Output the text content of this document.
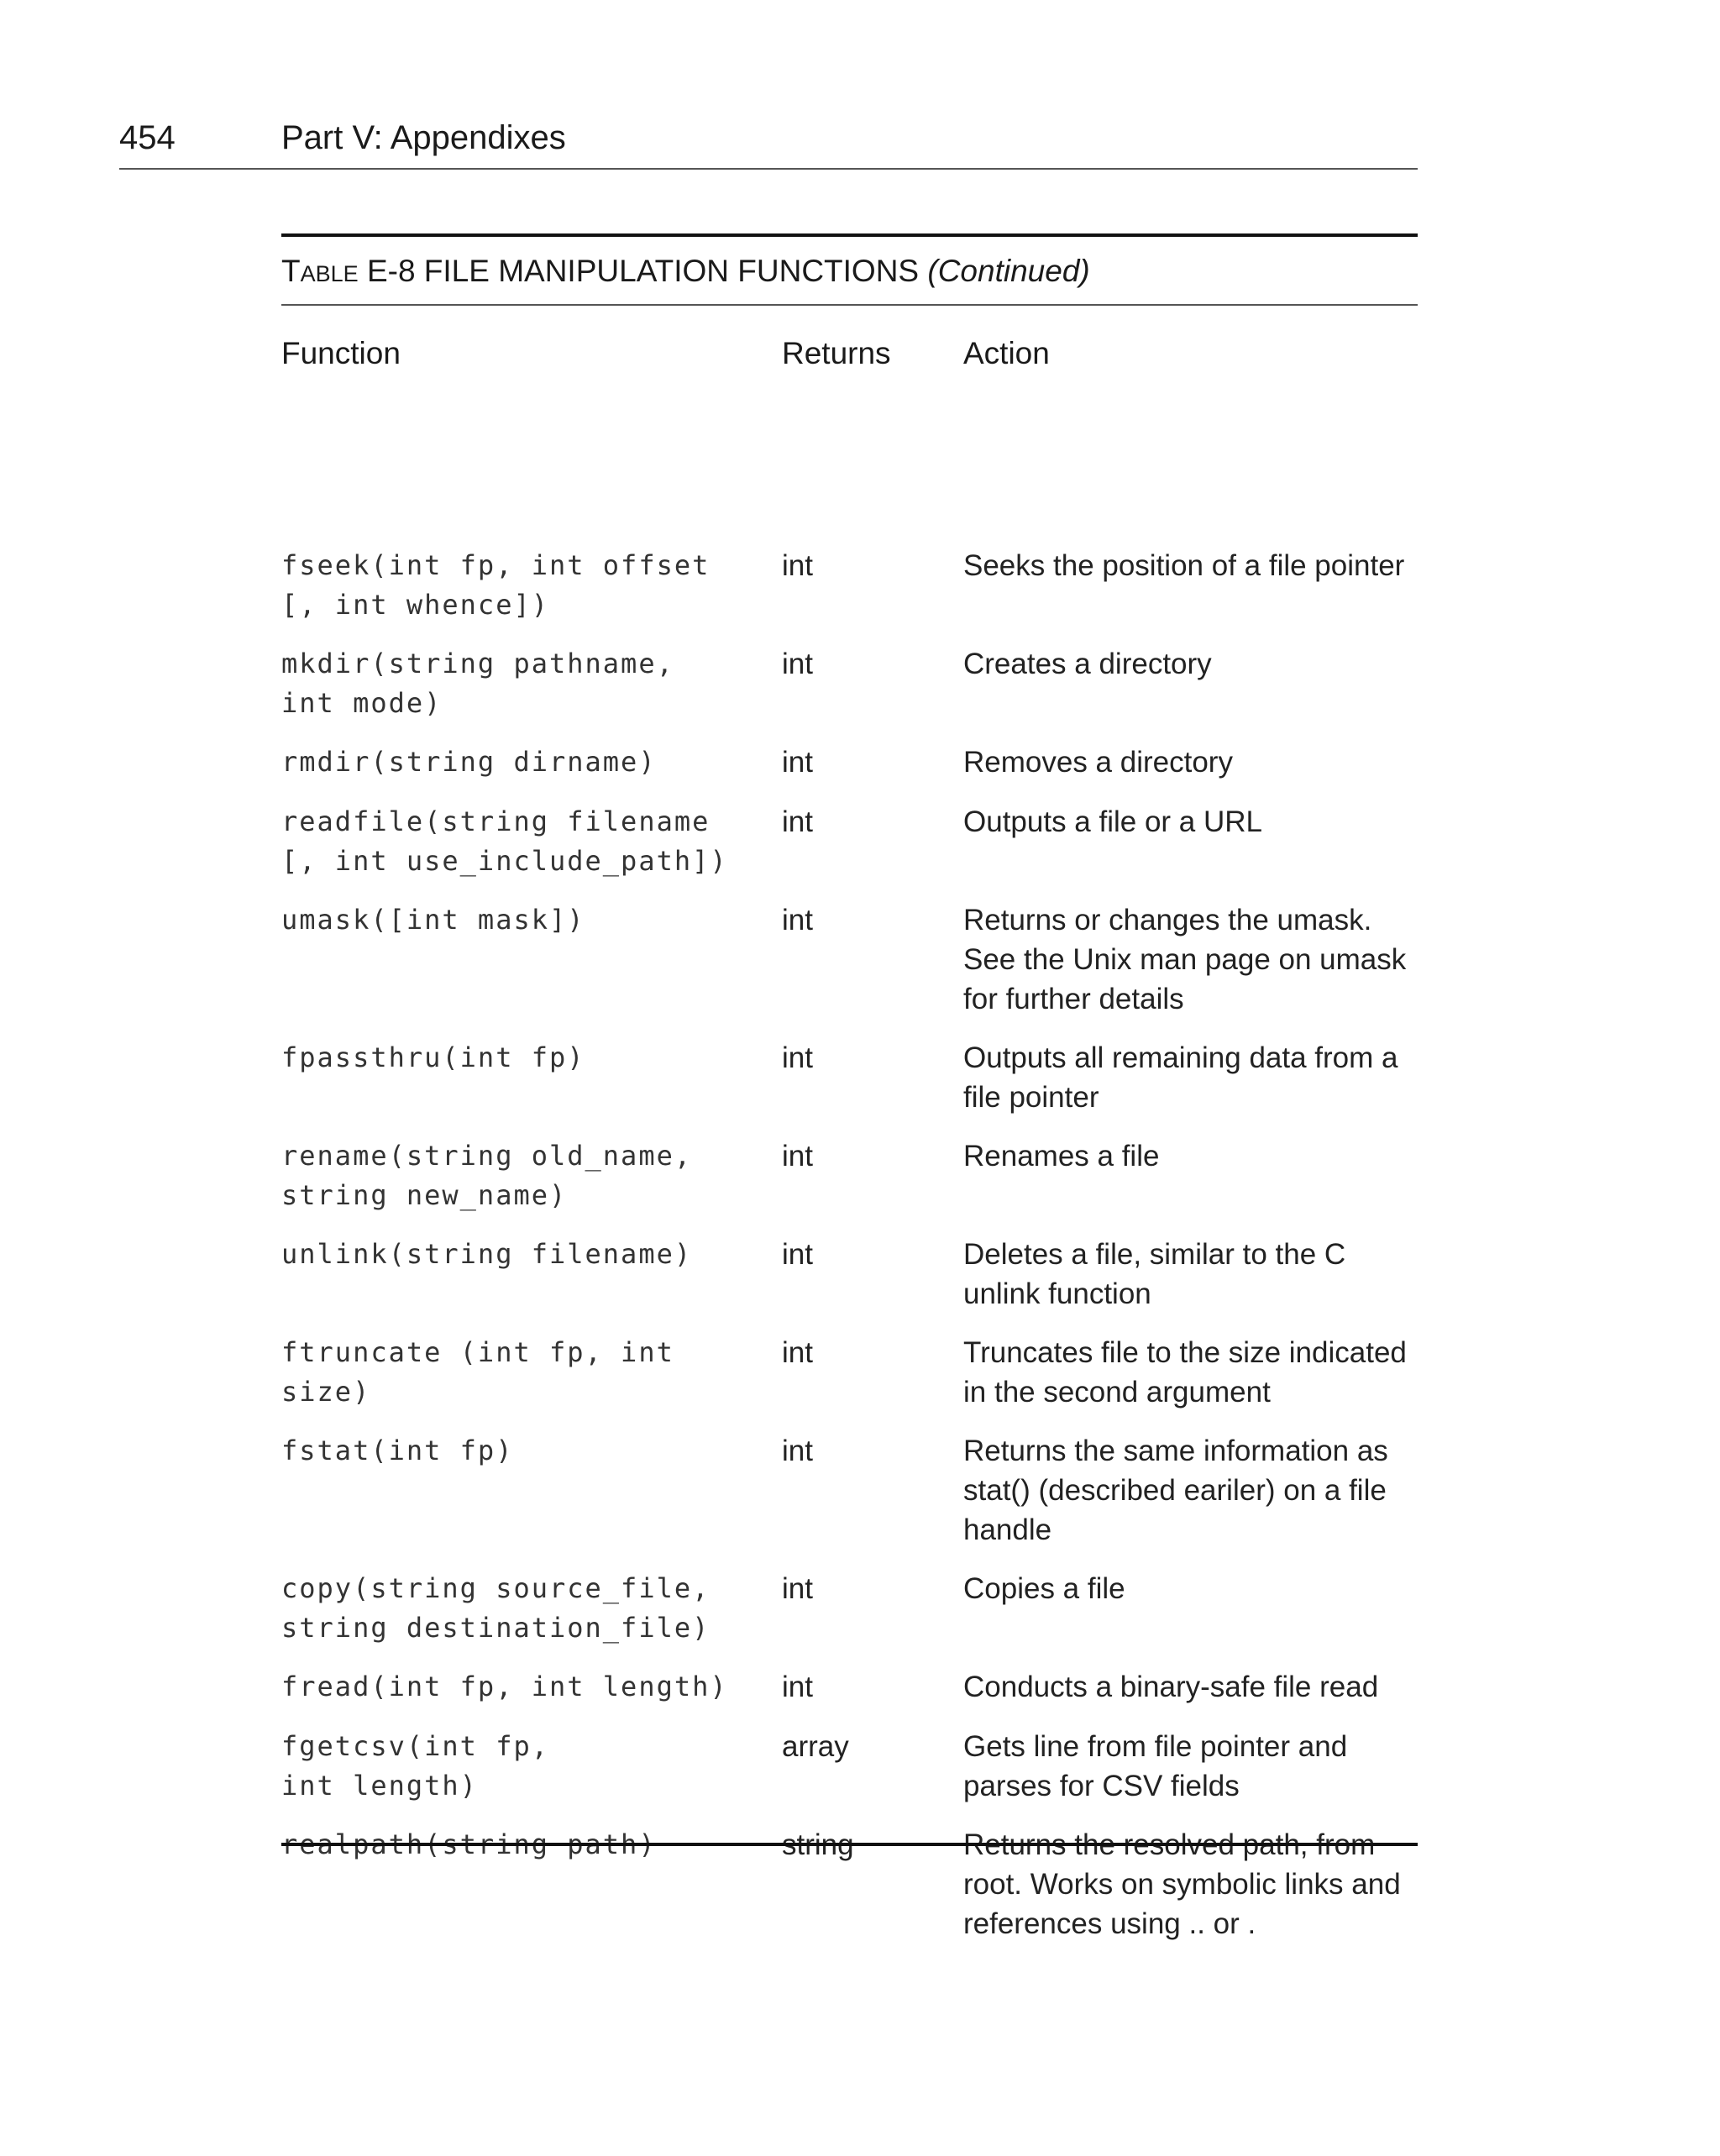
454	Part V: Appendixes
TABLE E-8 FILE MANIPULATION FUNCTIONS (Continued)
Function	Returns	Action
fseek(int fp, int offset
[, int whence])
int	Seeks the position of a file pointer
mkdir(string pathname,
int mode)
int	Creates a directory
rmdir(string dirname)	int	Removes a directory
readfile(string filename
[, int use_include_path])
int	Outputs a file or a URL
umask([int mask])	int	Returns or changes the umask. See the Unix man page on umask for further details
fpassthru(int fp)	int	Outputs all remaining data from a file pointer
rename(string old_name,
string new_name)
int	Renames a file
unlink(string filename)	int	Deletes a file, similar to the C unlink function
ftruncate (int fp, int
size)
int	Truncates file to the size indicated in the second argument
fstat(int fp)	int	Returns the same information as stat() (described eariler) on a file handle
copy(string source_file,
string destination_file)
int	Copies a file
fread(int fp, int length)	int	Conducts a binary-safe file read
fgetcsv(int fp,
int length)
array	Gets line from file pointer and parses for CSV fields
realpath(string path)	string	Returns the resolved path, from root. Works on symbolic links and references using .. or .
